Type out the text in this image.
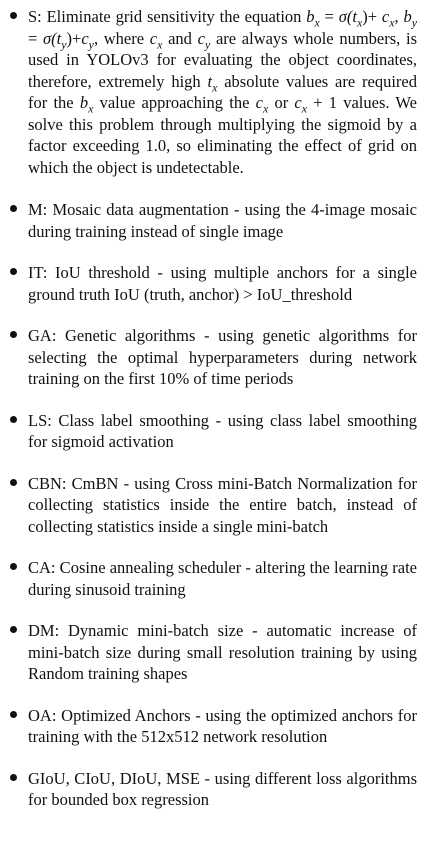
S: Eliminate grid sensitivity the equation $b_x = \sigma(t_x)+ c_x$, $b_y = \sigma(t_y)+c_y$, where $c_x$ and $c_y$ are always whole numbers, is used in YOLOv3 for evaluating the object coordinates, therefore, extremely high $t_x$ absolute values are required for the $b_x$ value approaching the $c_x$ or $c_x + 1$ values. We solve this problem through multiplying the sigmoid by a factor exceeding 1.0, so eliminating the effect of grid on which the object is undetectable.
M: Mosaic data augmentation - using the 4-image mosaic during training instead of single image
IT: IoU threshold - using multiple anchors for a single ground truth IoU (truth, anchor) > IoU_threshold
GA: Genetic algorithms - using genetic algorithms for selecting the optimal hyperparameters during network training on the first 10% of time periods
LS: Class label smoothing - using class label smoothing for sigmoid activation
CBN: CmBN - using Cross mini-Batch Normalization for collecting statistics inside the entire batch, instead of collecting statistics inside a single mini-batch
CA: Cosine annealing scheduler - altering the learning rate during sinusoid training
DM: Dynamic mini-batch size - automatic increase of mini-batch size during small resolution training by using Random training shapes
OA: Optimized Anchors - using the optimized anchors for training with the 512x512 network resolution
GIoU, CIoU, DIoU, MSE - using different loss algorithms for bounded box regression
